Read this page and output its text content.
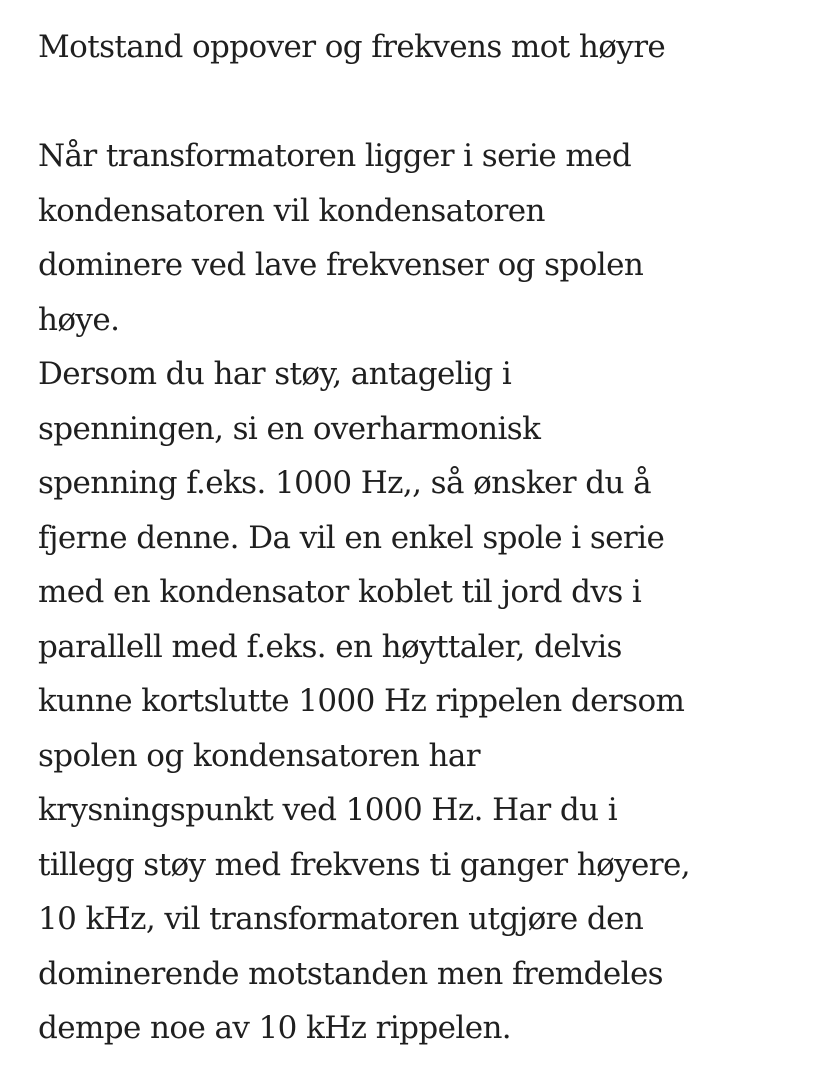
Motstand oppover og frekvens mot høyre
Når transformatoren ligger i serie med
kondensatoren vil kondensatoren
dominere ved lave frekvenser og spolen
høye.
Dersom du har støy, antagelig i
spenningen, si en overharmonisk
spenning f.eks. 1000 Hz,, så ønsker du å
fjerne denne. Da vil en enkel spole i serie
med en kondensator koblet til jord dvs i
parallell med f.eks. en høyttaler, delvis
kunne kortslutte 1000 Hz rippelen dersom
spolen og kondensatoren har
krysningspunkt ved 1000 Hz. Har du i
tillegg støy med frekvens ti ganger høyere,
10 kHz, vil transformatoren utgjøre den
dominerende motstanden men fremdeles
dempe noe av 10 kHz rippelen.
